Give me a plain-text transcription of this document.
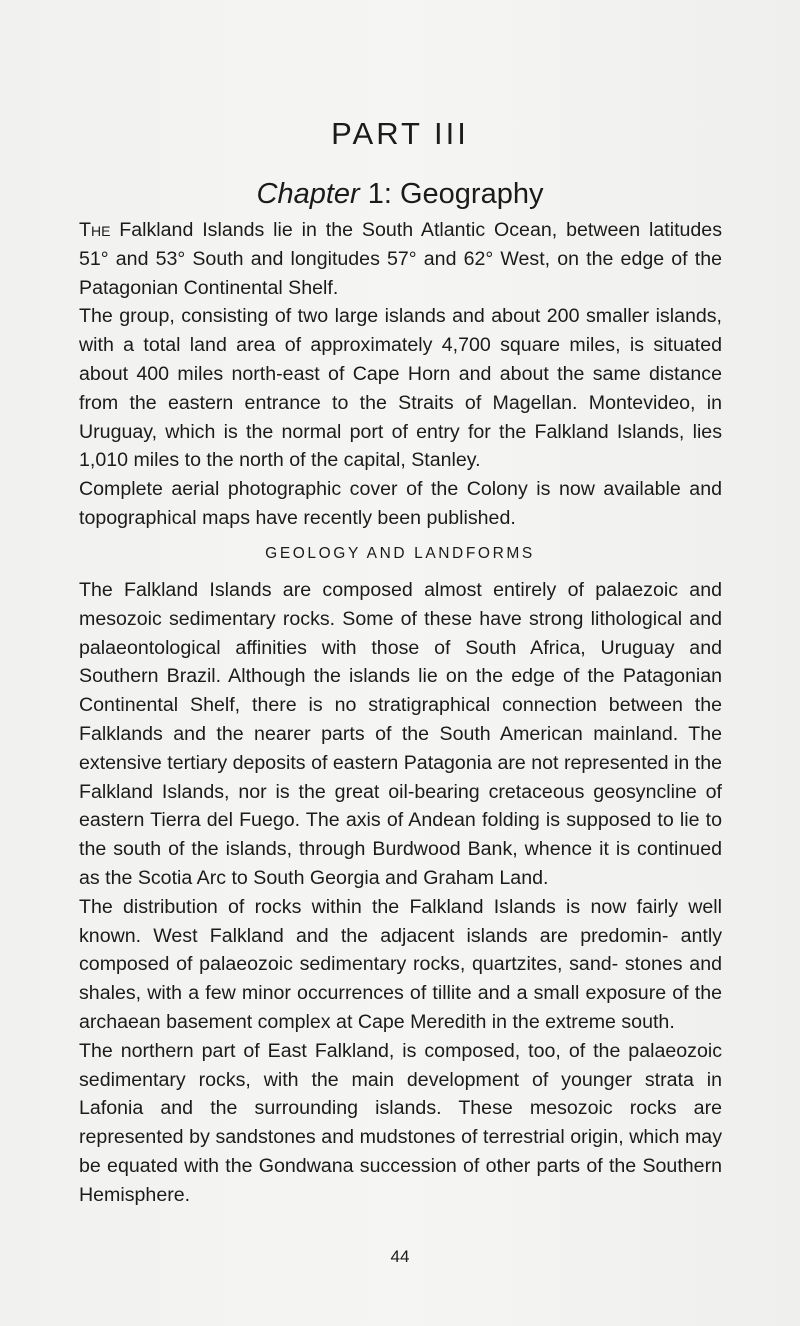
PART III
Chapter 1: Geography

The Falkland Islands lie in the South Atlantic Ocean, between latitudes 51° and 53° South and longitudes 57° and 62° West, on the edge of the Patagonian Continental Shelf.

The group, consisting of two large islands and about 200 smaller islands, with a total land area of approximately 4,700 square miles, is situated about 400 miles north-east of Cape Horn and about the same distance from the eastern entrance to the Straits of Magellan. Montevideo, in Uruguay, which is the normal port of entry for the Falkland Islands, lies 1,010 miles to the north of the capital, Stanley.

Complete aerial photographic cover of the Colony is now available and topographical maps have recently been published.

GEOLOGY AND LANDFORMS

The Falkland Islands are composed almost entirely of palaezoic and mesozoic sedimentary rocks. Some of these have strong lithological and palaeontological affinities with those of South Africa, Uruguay and Southern Brazil. Although the islands lie on the edge of the Patagonian Continental Shelf, there is no stratigraphical connection between the Falklands and the nearer parts of the South American mainland. The extensive tertiary deposits of eastern Patagonia are not represented in the Falkland Islands, nor is the great oil-bearing cretaceous geosyncline of eastern Tierra del Fuego. The axis of Andean folding is supposed to lie to the south of the islands, through Burdwood Bank, whence it is continued as the Scotia Arc to South Georgia and Graham Land.

The distribution of rocks within the Falkland Islands is now fairly well known. West Falkland and the adjacent islands are predomin- antly composed of palaeozoic sedimentary rocks, quartzites, sand- stones and shales, with a few minor occurrences of tillite and a small exposure of the archaean basement complex at Cape Meredith in the extreme south.

The northern part of East Falkland, is composed, too, of the palaeozoic sedimentary rocks, with the main development of younger strata in Lafonia and the surrounding islands. These mesozoic rocks are represented by sandstones and mudstones of terrestrial origin, which may be equated with the Gondwana succession of other parts of the Southern Hemisphere.

44
